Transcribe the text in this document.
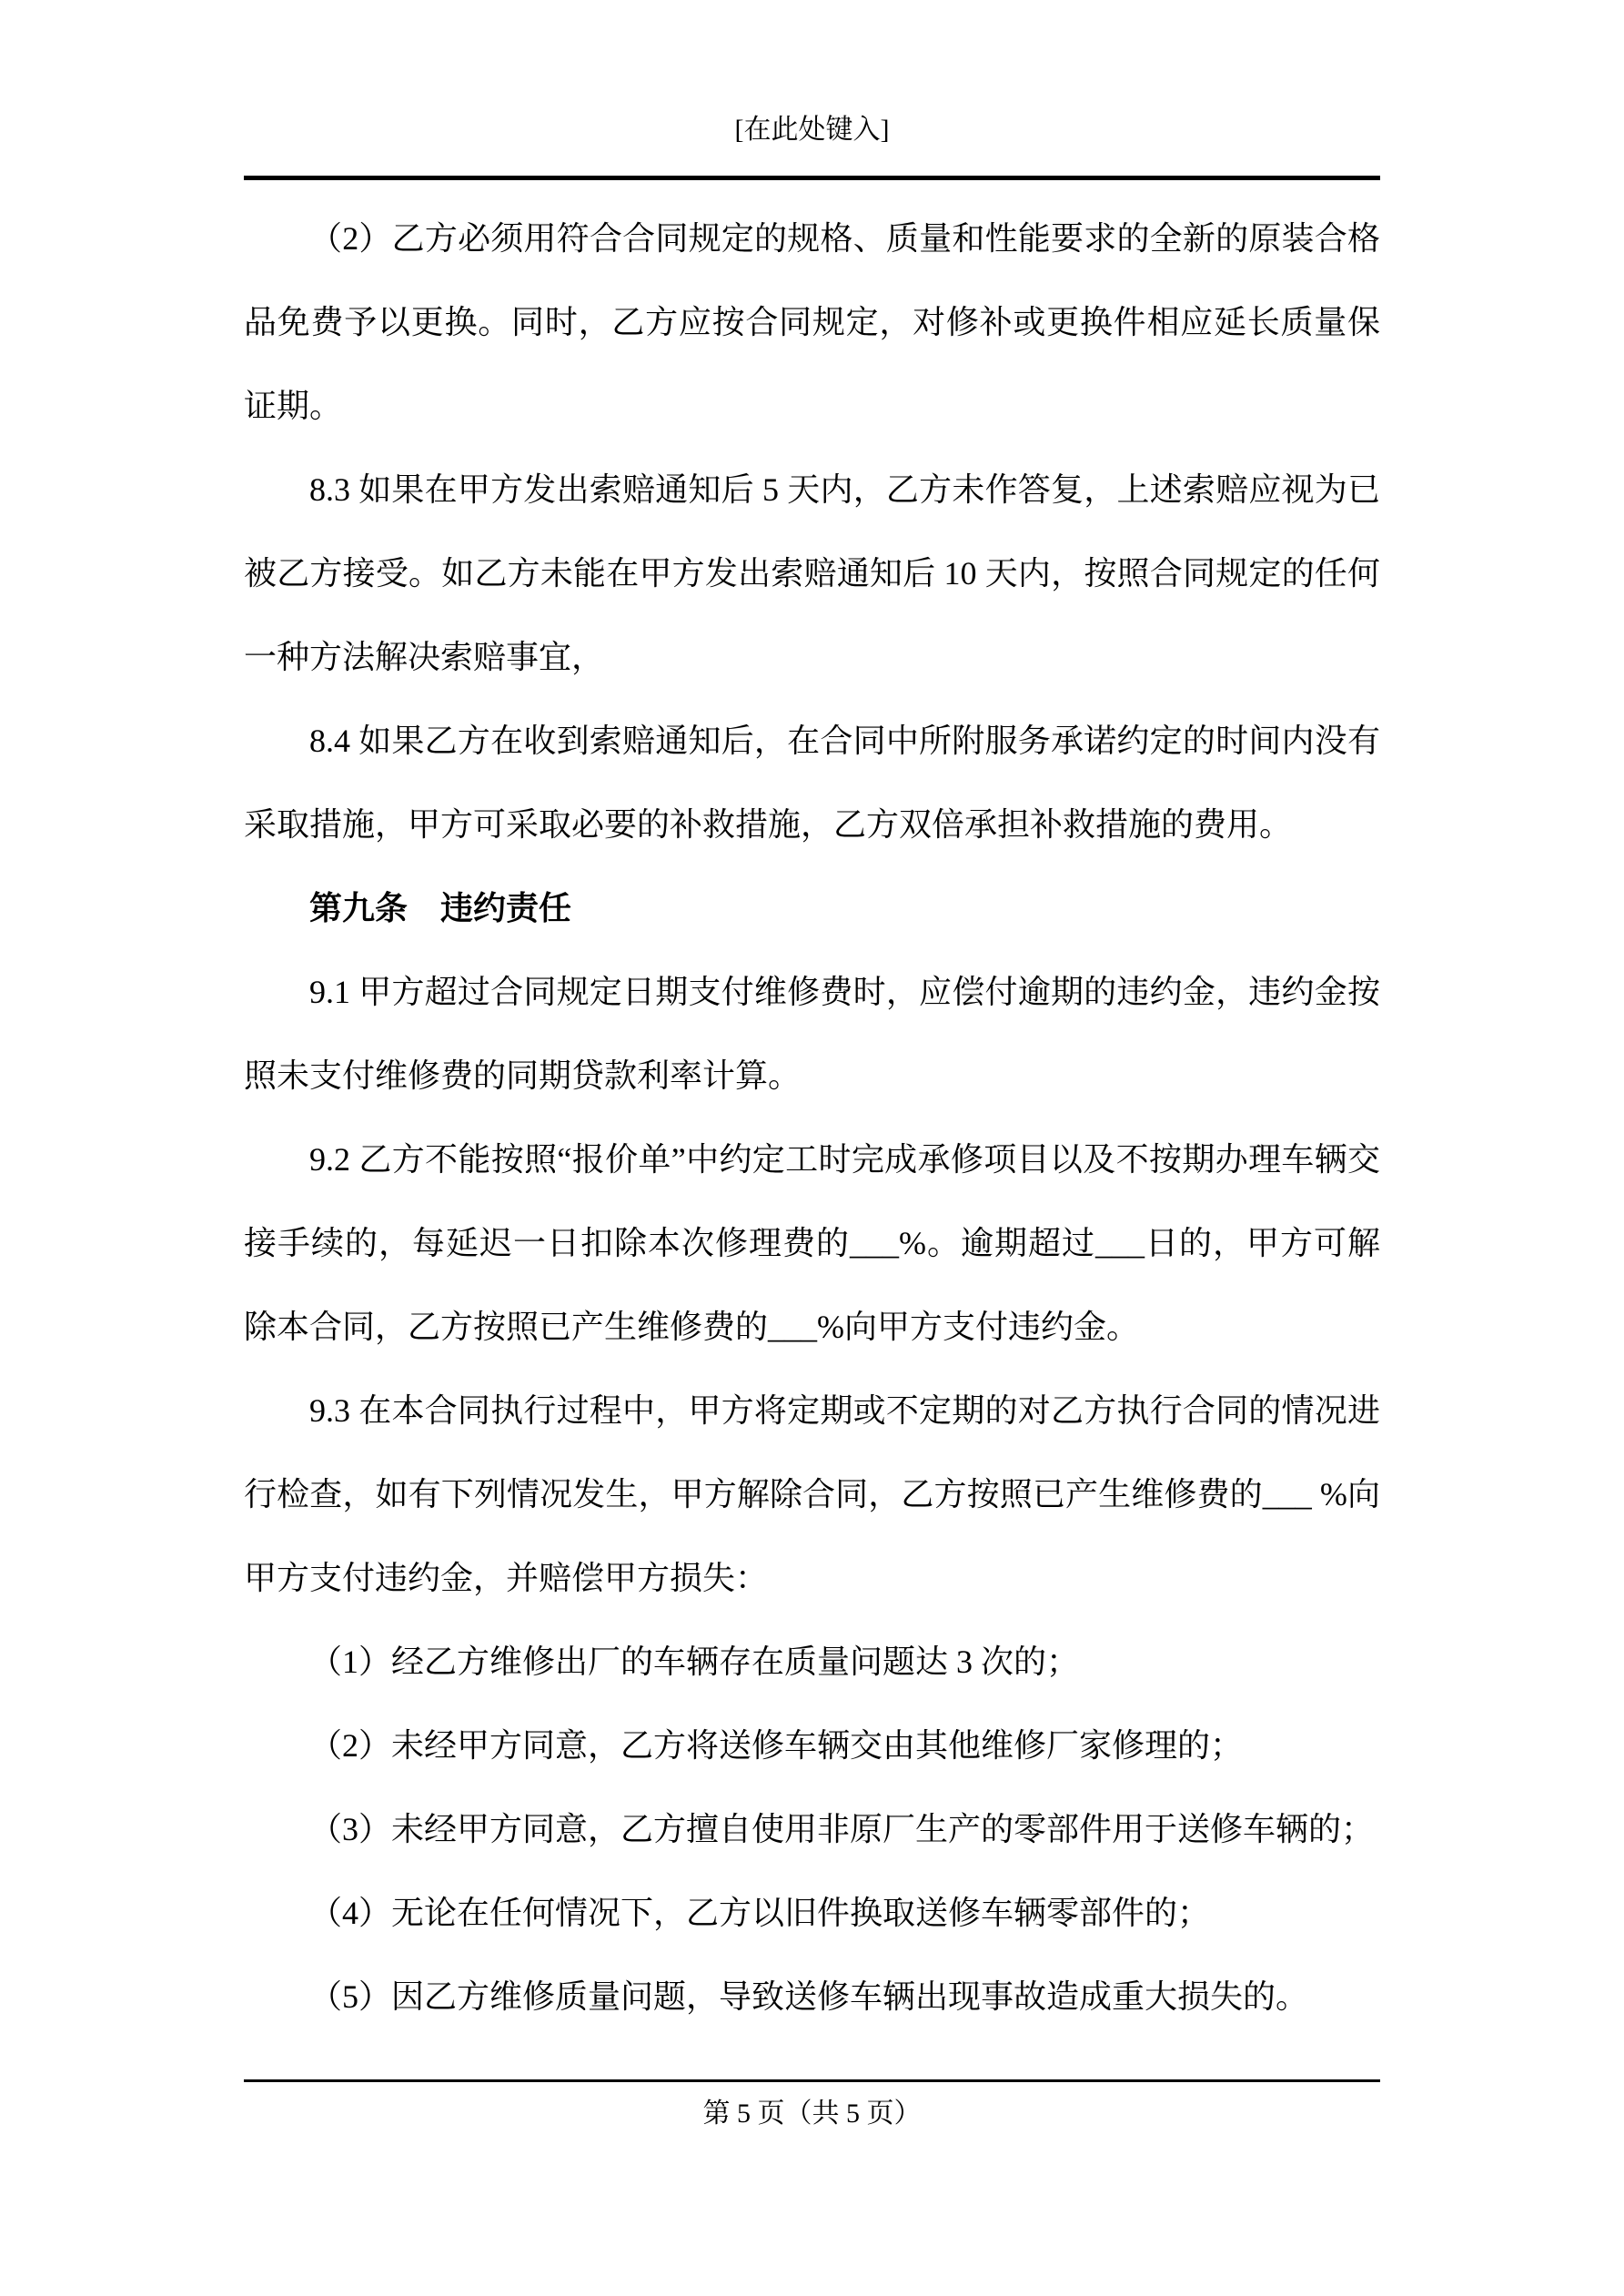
[在此处键入]

（2）乙方必须用符合合同规定的规格、质量和性能要求的全新的原装合格品免费予以更换。同时，乙方应按合同规定，对修补或更换件相应延长质量保证期。

8.3 如果在甲方发出索赔通知后 5 天内，乙方未作答复，上述索赔应视为已被乙方接受。如乙方未能在甲方发出索赔通知后 10 天内，按照合同规定的任何一种方法解决索赔事宜，

8.4 如果乙方在收到索赔通知后，在合同中所附服务承诺约定的时间内没有采取措施，甲方可采取必要的补救措施，乙方双倍承担补救措施的费用。

第九条　违约责任

9.1 甲方超过合同规定日期支付维修费时，应偿付逾期的违约金，违约金按照未支付维修费的同期贷款利率计算。

9.2 乙方不能按照“报价单”中约定工时完成承修项目以及不按期办理车辆交接手续的，每延迟一日扣除本次修理费的___%。逾期超过___日的，甲方可解除本合同，乙方按照已产生维修费的___%向甲方支付违约金。

9.3 在本合同执行过程中，甲方将定期或不定期的对乙方执行合同的情况进行检查，如有下列情况发生，甲方解除合同，乙方按照已产生维修费的___ %向甲方支付违约金，并赔偿甲方损失：

（1）经乙方维修出厂的车辆存在质量问题达 3 次的；

（2）未经甲方同意，乙方将送修车辆交由其他维修厂家修理的；

（3）未经甲方同意，乙方擅自使用非原厂生产的零部件用于送修车辆的；

（4）无论在任何情况下，乙方以旧件换取送修车辆零部件的；

（5）因乙方维修质量问题，导致送修车辆出现事故造成重大损失的。

第 5 页（共 5 页）
